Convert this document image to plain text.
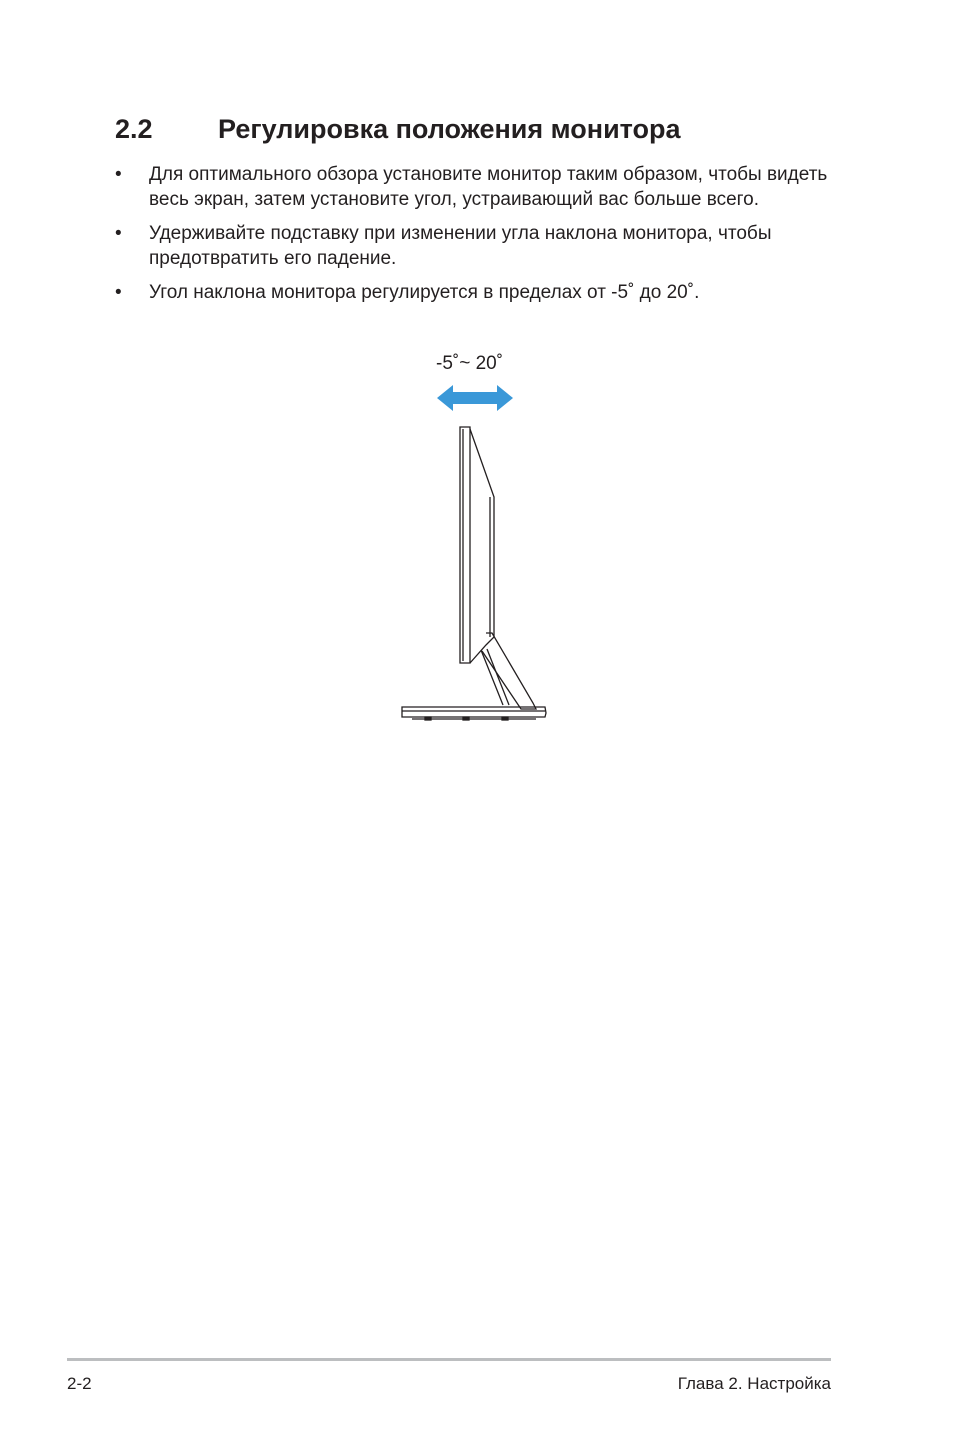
2.2 Регулировка положения монитора
• Для оптимального обзора установите монитор таким образом, чтобы видеть весь экран, затем установите угол, устраивающий вас больше всего.
• Удерживайте подставку при изменении угла наклона монитора, чтобы предотвратить его падение.
• Угол наклона монитора регулируется в пределах от -5˚ до 20˚.
-5˚~ 20˚
2-2	Глава 2. Настройка
